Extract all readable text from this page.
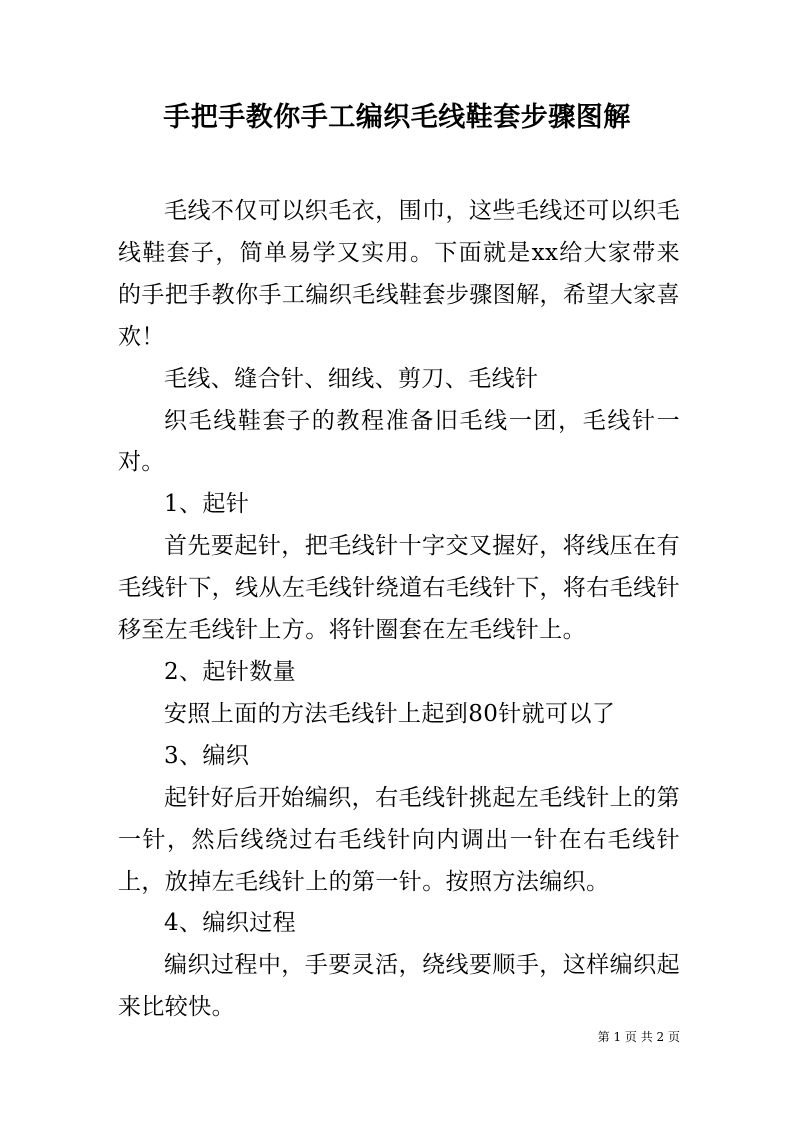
手把手教你手工编织毛线鞋套步骤图解

毛线不仅可以织毛衣，围巾，这些毛线还可以织毛线鞋套子，简单易学又实用。下面就是xx给大家带来的手把手教你手工编织毛线鞋套步骤图解，希望大家喜欢！

毛线、缝合针、细线、剪刀、毛线针

织毛线鞋套子的教程准备旧毛线一团，毛线针一对。

1、起针

首先要起针，把毛线针十字交叉握好，将线压在有毛线针下，线从左毛线针绕道右毛线针下，将右毛线针移至左毛线针上方。将针圈套在左毛线针上。

2、起针数量

安照上面的方法毛线针上起到80针就可以了

3、编织

起针好后开始编织，右毛线针挑起左毛线针上的第一针，然后线绕过右毛线针向内调出一针在右毛线针上，放掉左毛线针上的第一针。按照方法编织。

4、编织过程

编织过程中，手要灵活，绕线要顺手，这样编织起来比较快。

第 1 页 共 2 页
